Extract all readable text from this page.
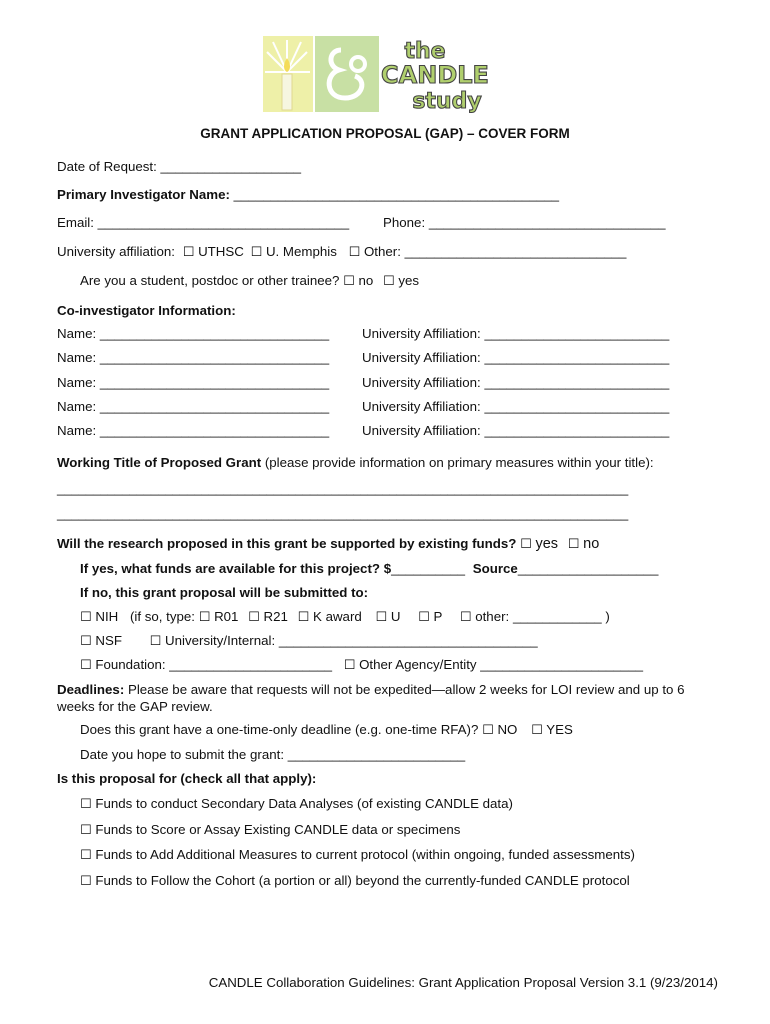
the
CANDLE
study
GRANT APPLICATION PROPOSAL (GAP) – COVER FORM
Date of Request: ___________________
Primary Investigator Name: ____________________________________________
Email: __________________________________	Phone: ________________________________
University affiliation: ☐ UTHSC ☐ U. Memphis ☐ Other: ______________________________
Are you a student, postdoc or other trainee? ☐ no ☐ yes
Co-investigator Information:
Name: _______________________________ University Affiliation: _________________________
Name: _______________________________ University Affiliation: _________________________
Name: _______________________________ University Affiliation: _________________________
Name: _______________________________ University Affiliation: _________________________
Name: _______________________________ University Affiliation: _________________________
Working Title of Proposed Grant (please provide information on primary measures within your title):
_______________________________________________________________________________
_______________________________________________________________________________
Will the research proposed in this grant be supported by existing funds? ☐ yes ☐ no
If yes, what funds are available for this project? $__________ Source___________________
If no, this grant proposal will be submitted to:
☐ NIH (if so, type: ☐ R01 ☐ R21 ☐ K award ☐ U ☐ P ☐ other: ____________ )
☐ NSF ☐ University/Internal: ___________________________________
☐ Foundation: ______________________ ☐ Other Agency/Entity ______________________
Deadlines: Please be aware that requests will not be expedited—allow 2 weeks for LOI review and up to 6 weeks for the GAP review.
Does this grant have a one-time-only deadline (e.g. one-time RFA)? ☐ NO ☐ YES
Date you hope to submit the grant: ________________________
Is this proposal for (check all that apply):
☐ Funds to conduct Secondary Data Analyses (of existing CANDLE data)
☐ Funds to Score or Assay Existing CANDLE data or specimens
☐ Funds to Add Additional Measures to current protocol (within ongoing, funded assessments)
☐ Funds to Follow the Cohort (a portion or all) beyond the currently-funded CANDLE protocol
CANDLE Collaboration Guidelines: Grant Application Proposal Version 3.1 (9/23/2014)
